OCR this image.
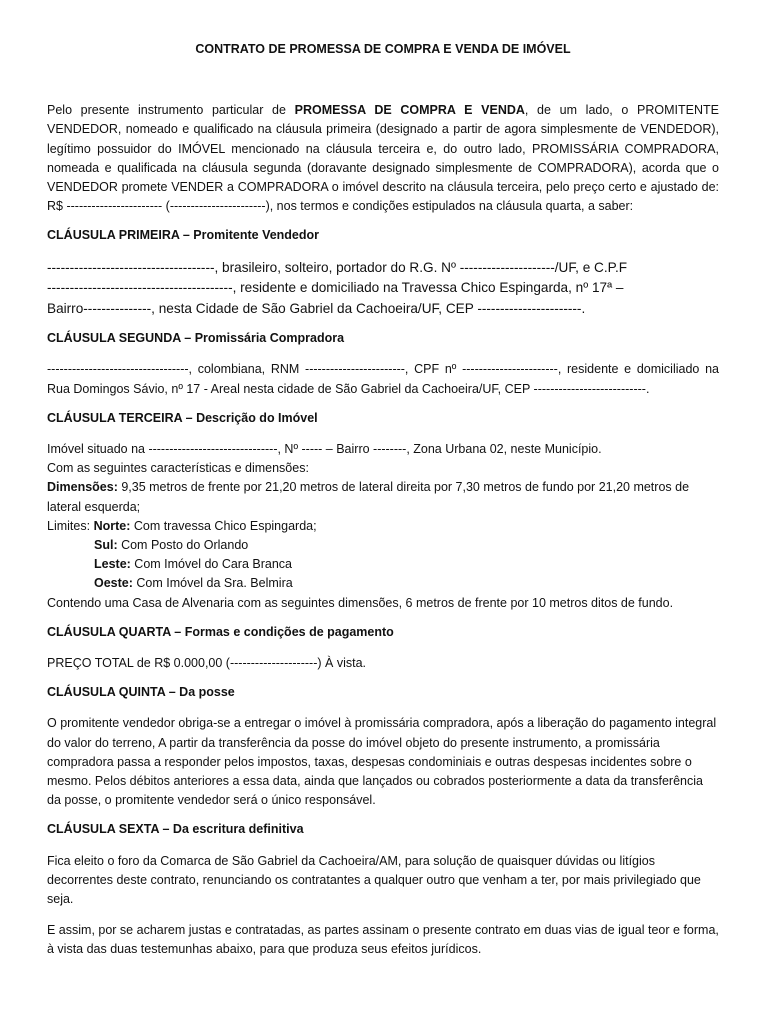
CONTRATO DE PROMESSA DE COMPRA E VENDA DE IMÓVEL

Pelo presente instrumento particular de PROMESSA DE COMPRA E VENDA, de um lado, o PROMITENTE VENDEDOR, nomeado e qualificado na cláusula primeira (designado a partir de agora simplesmente de VENDEDOR), legítimo possuidor do IMÓVEL mencionado na cláusula terceira e, do outro lado, PROMISSÁRIA COMPRADORA, nomeada e qualificada na cláusula segunda (doravante designado simplesmente de COMPRADORA), acorda que o VENDEDOR promete VENDER a COMPRADORA o imóvel descrito na cláusula terceira, pelo preço certo e ajustado de: R$ ----------------------- (-----------------------), nos termos e condições estipulados na cláusula quarta, a saber:

CLÁUSULA PRIMEIRA – Promitente Vendedor

-------------------------------------, brasileiro, solteiro, portador do R.G. Nº ---------------------/UF, e C.P.F

-----------------------------------------, residente e domiciliado na Travessa Chico Espingarda, nº 17ª –

Bairro---------------, nesta Cidade de São Gabriel da Cachoeira/UF, CEP -----------------------.

CLÁUSULA SEGUNDA – Promissária Compradora

----------------------------------, colombiana, RNM ------------------------, CPF nº -----------------------, residente e domiciliado na Rua Domingos Sávio, nº 17 - Areal nesta cidade de São Gabriel da Cachoeira/UF, CEP ---------------------------.

CLÁUSULA TERCEIRA – Descrição do Imóvel

Imóvel situado na -------------------------------, Nº ----- – Bairro --------, Zona Urbana 02, neste Município.

Com as seguintes características e dimensões:

Dimensões: 9,35 metros de frente por 21,20 metros de lateral direita por 7,30 metros de fundo por 21,20 metros de lateral esquerda;

Limites: Norte: Com travessa Chico Espingarda;

Sul: Com Posto do Orlando

Leste: Com Imóvel do Cara Branca

Oeste: Com Imóvel da Sra. Belmira

Contendo uma Casa de Alvenaria com as seguintes dimensões, 6 metros de frente por 10 metros ditos de fundo.

CLÁUSULA QUARTA – Formas e condições de pagamento

PREÇO TOTAL de R$ 0.000,00 (---------------------) À vista.

CLÁUSULA QUINTA – Da posse

O promitente vendedor obriga-se a entregar o imóvel à promissária compradora, após a liberação do pagamento integral do valor do terreno, A partir da transferência da posse do imóvel objeto do presente instrumento, a promissária compradora passa a responder pelos impostos, taxas, despesas condominiais e outras despesas incidentes sobre o mesmo. Pelos débitos anteriores a essa data, ainda que lançados ou cobrados posteriormente a data da transferência da posse, o promitente vendedor será o único responsável.

CLÁUSULA SEXTA – Da escritura definitiva

Fica eleito o foro da Comarca de São Gabriel da Cachoeira/AM, para solução de quaisquer dúvidas ou litígios decorrentes deste contrato, renunciando os contratantes a qualquer outro que venham a ter, por mais privilegiado que seja.

E assim, por se acharem justas e contratadas, as partes assinam o presente contrato em duas vias de igual teor e forma, à vista das duas testemunhas abaixo, para que produza seus efeitos jurídicos.
